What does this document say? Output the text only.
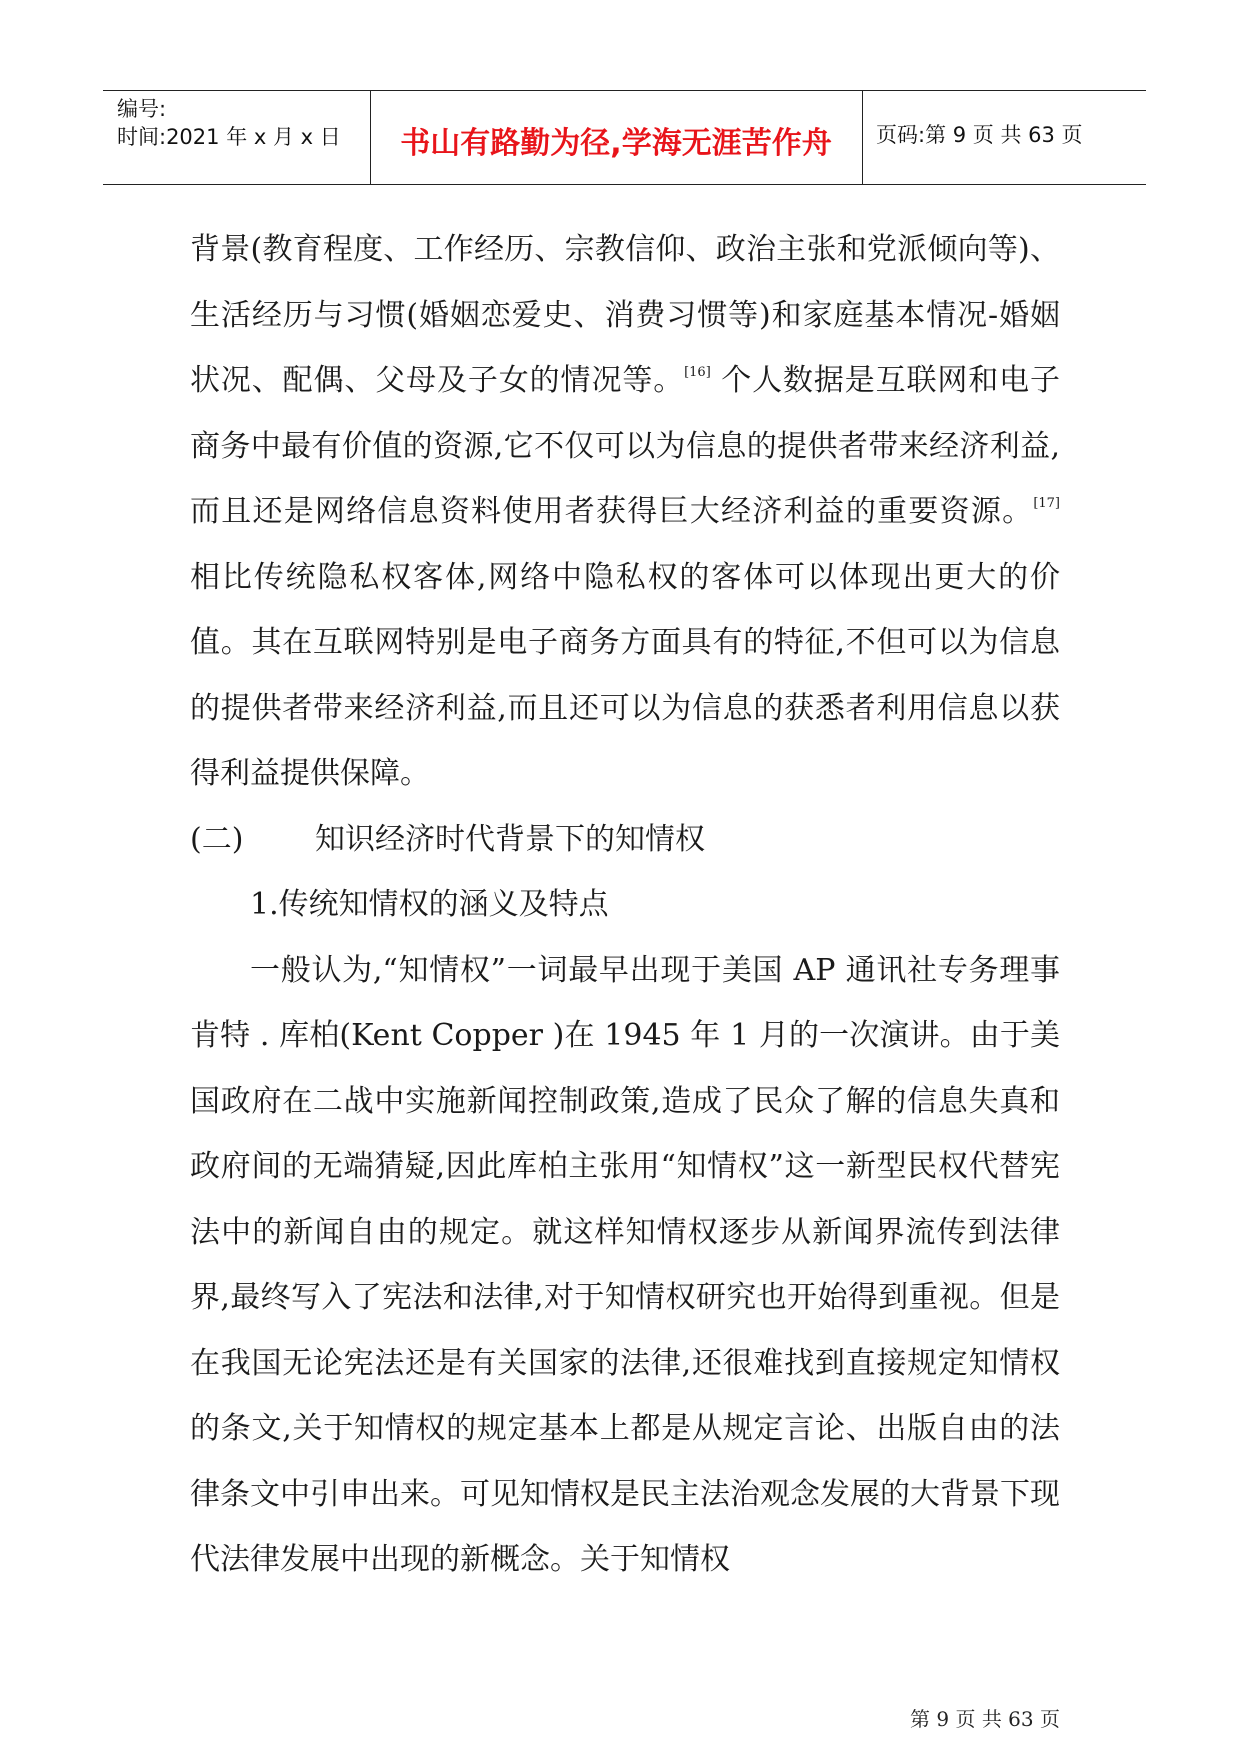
编号:
时间:2021 年 x 月 x 日	书山有路勤为径,学海无涯苦作舟	页码:第 9 页 共 63 页

背景(教育程度、工作经历、宗教信仰、政治主张和党派倾向等)、生活经历与习惯(婚姻恋爱史、消费习惯等)和家庭基本情况-婚姻状况、配偶、父母及子女的情况等。[16] 个人数据是互联网和电子商务中最有价值的资源,它不仅可以为信息的提供者带来经济利益,而且还是网络信息资料使用者获得巨大经济利益的重要资源。[17] 相比传统隐私权客体,网络中隐私权的客体可以体现出更大的价值。其在互联网特别是电子商务方面具有的特征,不但可以为信息的提供者带来经济利益,而且还可以为信息的获悉者利用信息以获得利益提供保障。

(二) 知识经济时代背景下的知情权

1.传统知情权的涵义及特点

一般认为,“知情权”一词最早出现于美国 AP 通讯社专务理事肯特 . 库柏(Kent Copper )在 1945 年 1 月的一次演讲。由于美国政府在二战中实施新闻控制政策,造成了民众了解的信息失真和政府间的无端猜疑,因此库柏主张用“知情权”这一新型民权代替宪法中的新闻自由的规定。就这样知情权逐步从新闻界流传到法律界,最终写入了宪法和法律,对于知情权研究也开始得到重视。但是在我国无论宪法还是有关国家的法律,还很难找到直接规定知情权的条文,关于知情权的规定基本上都是从规定言论、出版自由的法律条文中引申出来。可见知情权是民主法治观念发展的大背景下现代法律发展中出现的新概念。关于知情权

第 9 页 共 63 页
